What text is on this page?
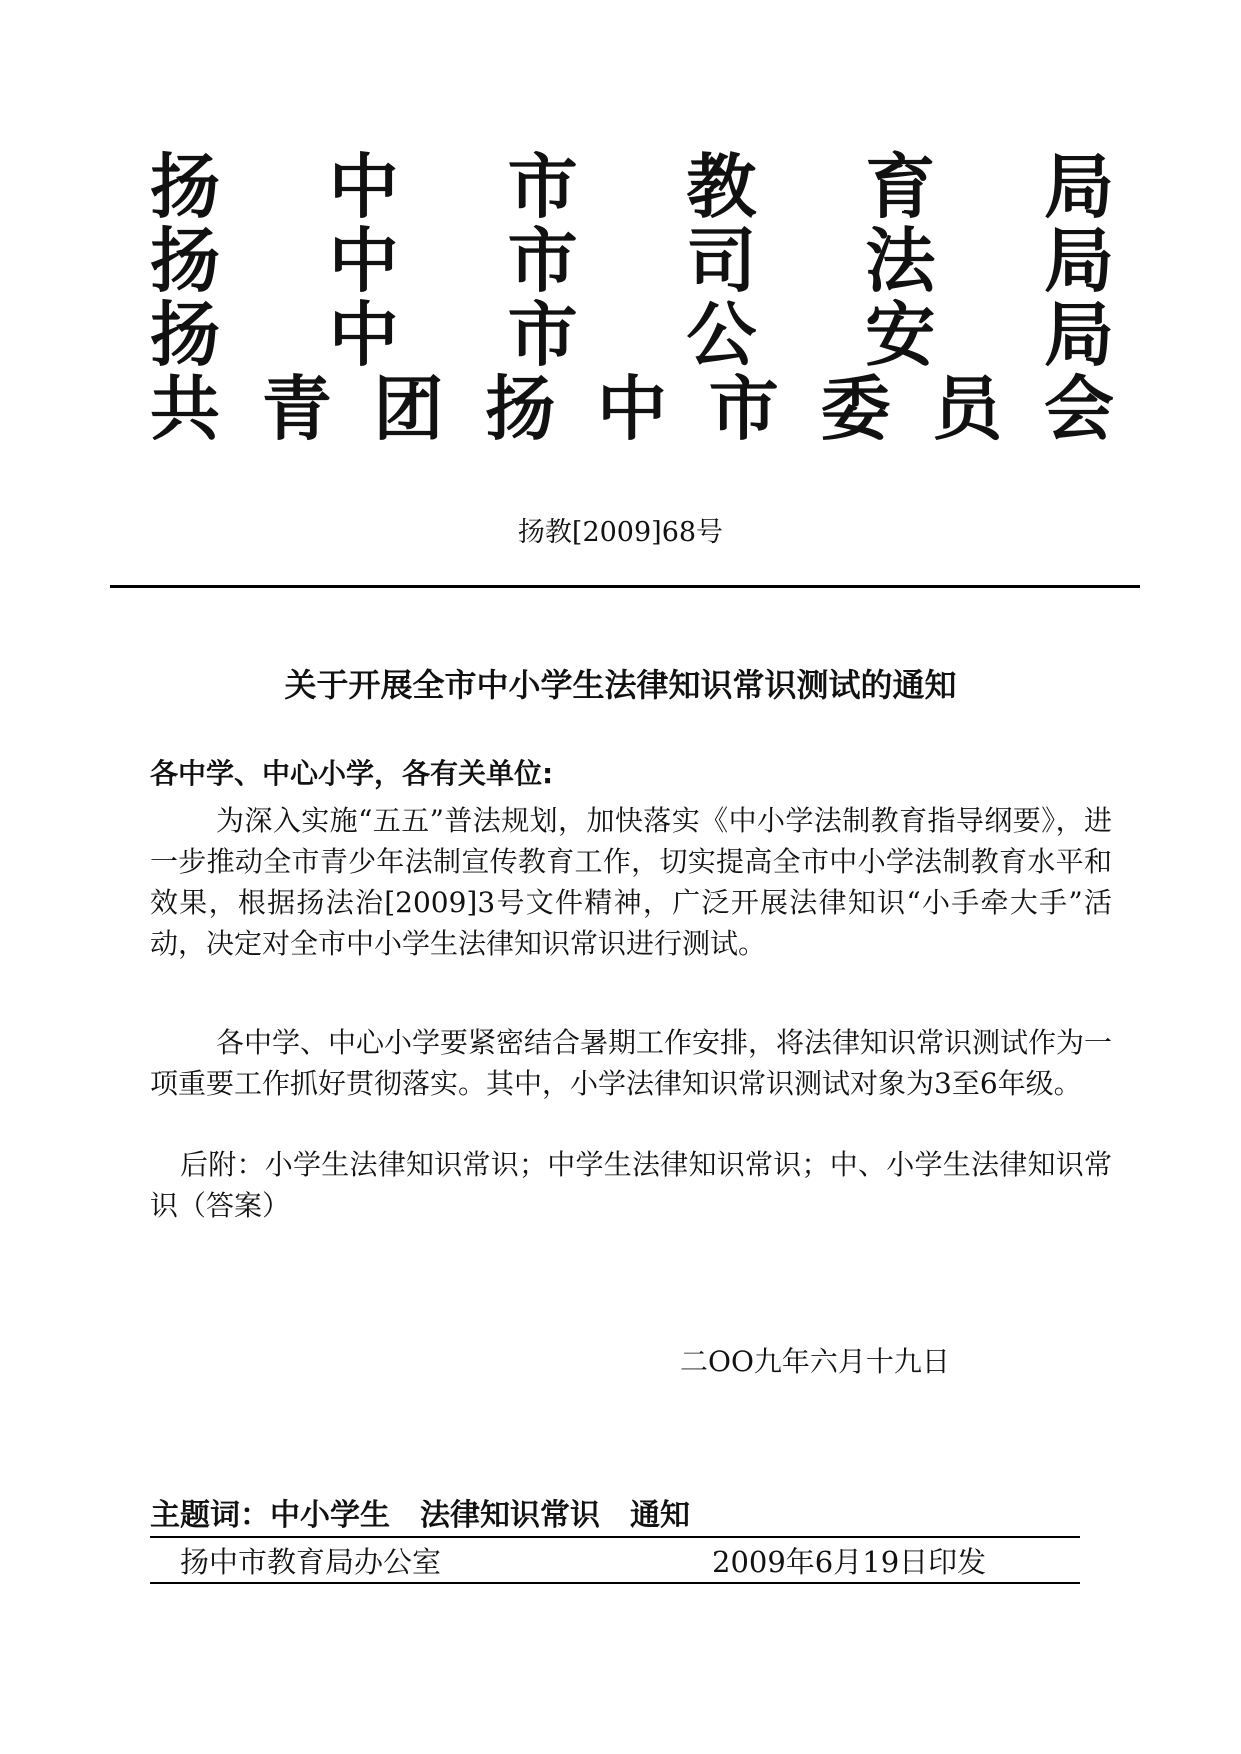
扬 中 市 教 育 局
扬 中 市 司 法 局
扬 中 市 公 安 局
共 青 团 扬 中 市 委 员 会
扬教[2009]68号
关于开展全市中小学生法律知识常识测试的通知
各中学、中心小学，各有关单位:

为深入实施“五五”普法规划，加快落实《中小学法制教育指导纲要》，进一步推动全市青少年法制宣传教育工作，切实提高全市中小学法制教育水平和效果，根据扬法治[2009]3号文件精神，广泛开展法律知识“小手牵大手”活动，决定对全市中小学生法律知识常识进行测试。

各中学、中心小学要紧密结合暑期工作安排，将法律知识常识测试作为一项重要工作抓好贯彻落实。其中，小学法律知识常识测试对象为3至6年级。

后附：小学生法律知识常识；中学生法律知识常识；中、小学生法律知识常识（答案）

二OO九年六月十九日
主题词：中小学生 法律知识常识 通知
扬中市教育局办公室	2009年6月19日印发
